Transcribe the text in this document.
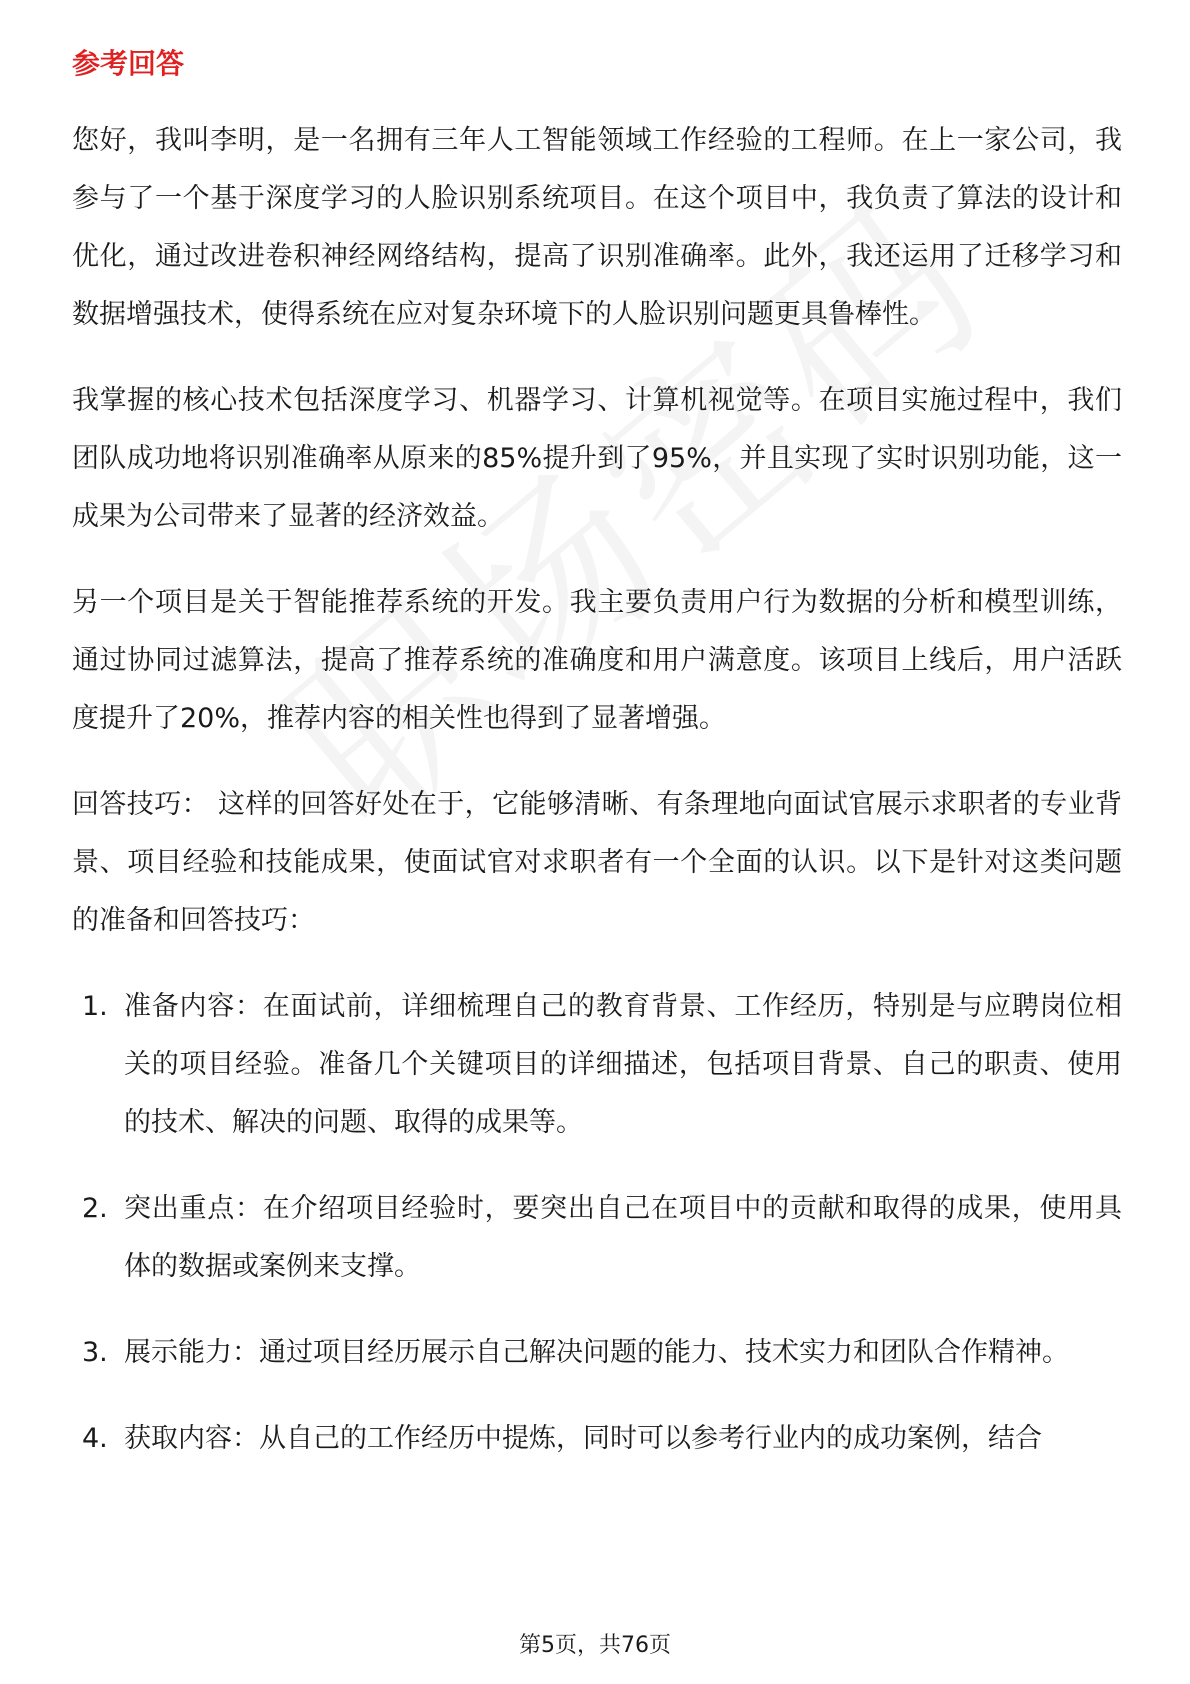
参考回答

您好，我叫李明，是一名拥有三年人工智能领域工作经验的工程师。在上一家公司，我参与了一个基于深度学习的人脸识别系统项目。在这个项目中，我负责了算法的设计和优化，通过改进卷积神经网络结构，提高了识别准确率。此外，我还运用了迁移学习和数据增强技术，使得系统在应对复杂环境下的人脸识别问题更具鲁棒性。

我掌握的核心技术包括深度学习、机器学习、计算机视觉等。在项目实施过程中，我们团队成功地将识别准确率从原来的85%提升到了95%，并且实现了实时识别功能，这一成果为公司带来了显著的经济效益。

另一个项目是关于智能推荐系统的开发。我主要负责用户行为数据的分析和模型训练，通过协同过滤算法，提高了推荐系统的准确度和用户满意度。该项目上线后，用户活跃度提升了20%，推荐内容的相关性也得到了显著增强。

回答技巧： 这样的回答好处在于，它能够清晰、有条理地向面试官展示求职者的专业背景、项目经验和技能成果，使面试官对求职者有一个全面的认识。以下是针对这类问题的准备和回答技巧：

1. 准备内容：在面试前，详细梳理自己的教育背景、工作经历，特别是与应聘岗位相关的项目经验。准备几个关键项目的详细描述，包括项目背景、自己的职责、使用的技术、解决的问题、取得的成果等。
2. 突出重点：在介绍项目经验时，要突出自己在项目中的贡献和取得的成果，使用具体的数据或案例来支撑。
3. 展示能力：通过项目经历展示自己解决问题的能力、技术实力和团队合作精神。
4. 获取内容：从自己的工作经历中提炼，同时可以参考行业内的成功案例，结合
第5页，共76页
